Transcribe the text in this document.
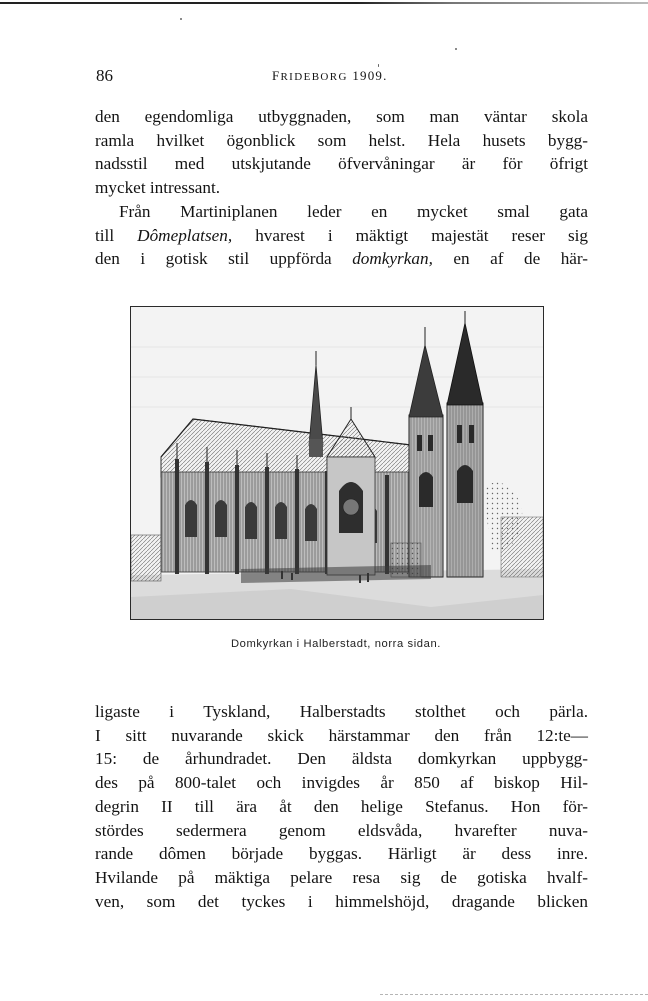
86	FRIDEBORG 1909.

den egendomliga utbyggnaden, som man väntar skola
ramla hvilket ögonblick som helst. Hela husets bygg-
nadsstil med utskjutande öfvervåningar är för öfrigt
mycket intressant.

Från Martiniplanen leder en mycket smal gata
till Dômeplatsen, hvarest i mäktigt majestät reser sig
den i gotisk stil uppförda domkyrkan, en af de här-

Domkyrkan i Halberstadt, norra sidan.

ligaste i Tyskland, Halberstadts stolthet och pärla.
I sitt nuvarande skick härstammar den från 12:te—
15: de århundradet. Den äldsta domkyrkan uppbygg-
des på 800-talet och invigdes år 850 af biskop Hil-
degrin II till ära åt den helige Stefanus. Hon för-
stördes sedermera genom eldsvåda, hvarefter nuva-
rande dômen började byggas. Härligt är dess inre.
Hvilande på mäktiga pelare resa sig de gotiska hvalf-
ven, som det tyckes i himmelshöjd, dragande blicken
